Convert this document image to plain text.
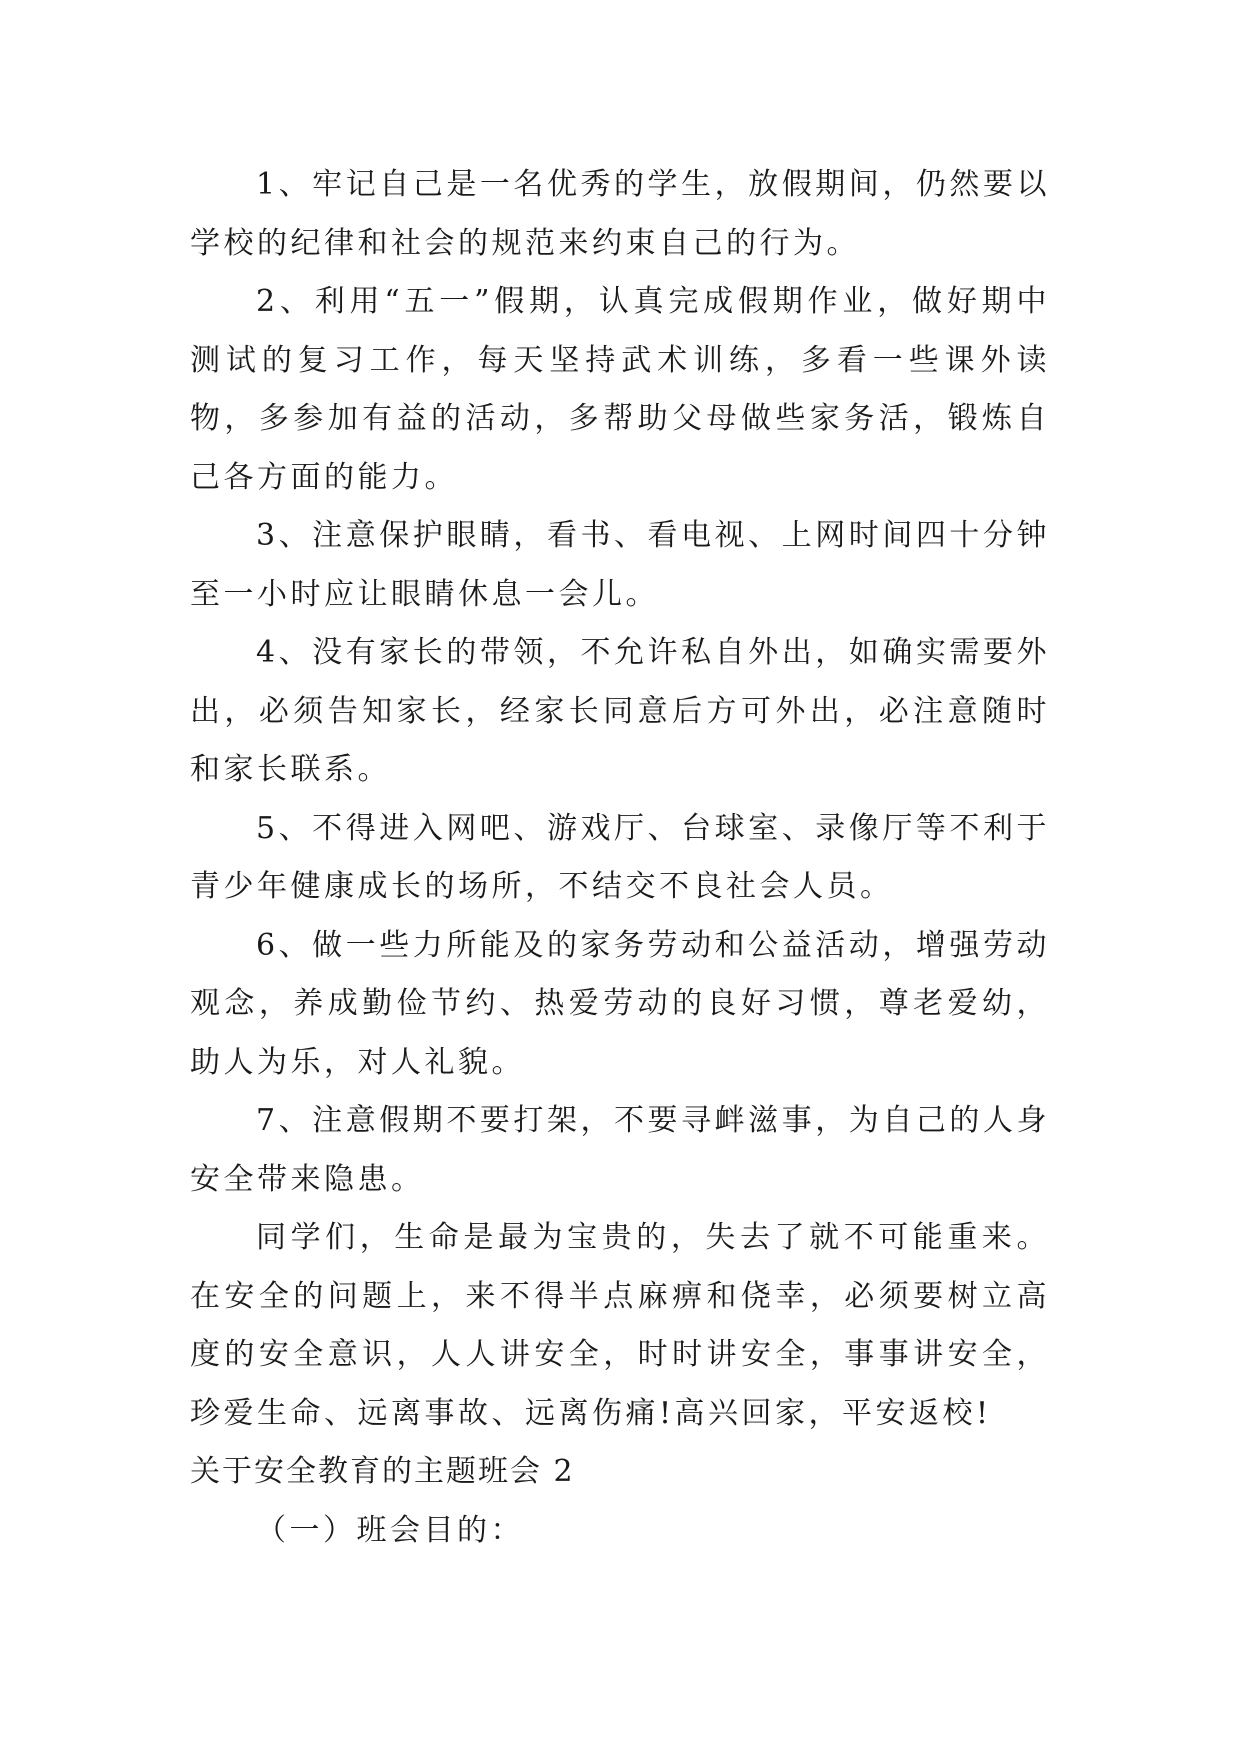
1、牢记自己是一名优秀的学生，放假期间，仍然要以学校的纪律和社会的规范来约束自己的行为。

2、利用“五一”假期，认真完成假期作业，做好期中测试的复习工作，每天坚持武术训练，多看一些课外读物，多参加有益的活动，多帮助父母做些家务活，锻炼自己各方面的能力。

3、注意保护眼睛，看书、看电视、上网时间四十分钟至一小时应让眼睛休息一会儿。

4、没有家长的带领，不允许私自外出，如确实需要外出，必须告知家长，经家长同意后方可外出，必注意随时和家长联系。

5、不得进入网吧、游戏厅、台球室、录像厅等不利于青少年健康成长的场所，不结交不良社会人员。

6、做一些力所能及的家务劳动和公益活动，增强劳动观念，养成勤俭节约、热爱劳动的良好习惯，尊老爱幼，助人为乐，对人礼貌。

7、注意假期不要打架，不要寻衅滋事，为自己的人身安全带来隐患。

同学们，生命是最为宝贵的，失去了就不可能重来。在安全的问题上，来不得半点麻痹和侥幸，必须要树立高度的安全意识，人人讲安全，时时讲安全，事事讲安全，珍爱生命、远离事故、远离伤痛!高兴回家，平安返校!

关于安全教育的主题班会 2

（一）班会目的：
